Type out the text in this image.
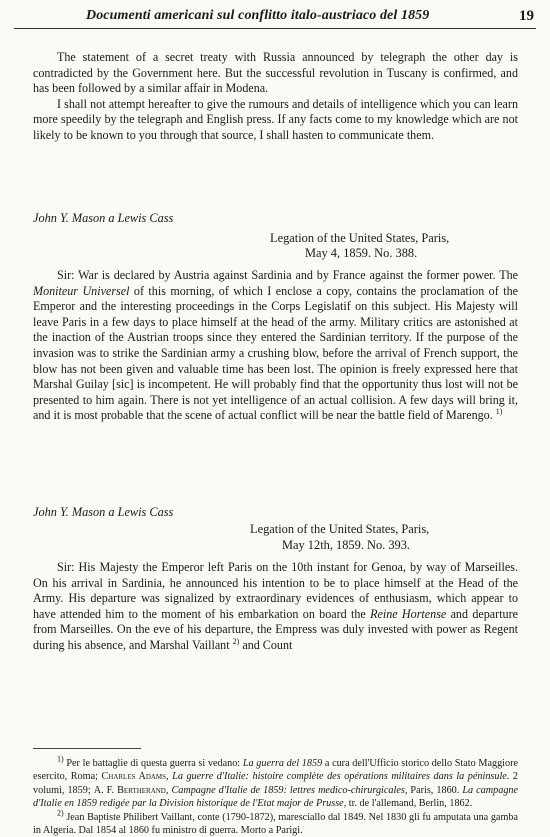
Documenti americani sul conflitto italo-austriaco del 1859	19

The statement of a secret treaty with Russia announced by telegraph the other day is contradicted by the Government here. But the successful revolution in Tuscany is confirmed, and has been followed by a similar affair in Modena.

I shall not attempt hereafter to give the rumours and details of intelligence which you can learn more speedily by the telegraph and English press. If any facts come to my knowledge which are not likely to be known to you through that source, I shall hasten to communicate them.

John Y. Mason a Lewis Cass
Legation of the United States, Paris,
May 4, 1859. No. 388.

Sir: War is declared by Austria against Sardinia and by France against the former power. The Moniteur Universel of this morning, of which I enclose a copy, contains the proclamation of the Emperor and the interesting proceedings in the Corps Legislatif on this subject. His Majesty will leave Paris in a few days to place himself at the head of the army. Military critics are astonished at the inaction of the Austrian troops since they entered the Sardinian territory. If the purpose of the invasion was to strike the Sardinian army a crushing blow, before the arrival of French support, the blow has not been given and valuable time has been lost. The opinion is freely expressed here that Marshal Guilay [sic] is incompetent. He will probably find that the opportunity thus lost will not be presented to him again. There is not yet intelligence of an actual collision. A few days will bring it, and it is most probable that the scene of actual conflict will be near the battle field of Marengo. $^{1)}$

John Y. Mason a Lewis Cass
Legation of the United States, Paris,
May 12th, 1859. No. 393.

Sir: His Majesty the Emperor left Paris on the 10th instant for Genoa, by way of Marseilles. On his arrival in Sardinia, he announced his intention to be to place himself at the Head of the Army. His departure was signalized by extraordinary evidences of enthusiasm, which appear to have attended him to the moment of his embarkation on board the Reine Hortense and departure from Marseilles. On the eve of his departure, the Empress was duly invested with power as Regent during his absence, and Marshal Vaillant $^{2)}$ and Count

$^{1)}$ Per le battaglie di questa guerra si vedano: La guerra del 1859 a cura dell'Ufficio storico dello Stato Maggiore esercito, Roma; Charles Adams, La guerre d'Italie: histoire complète des opérations militaires dans la péninsule. 2 volumi, 1859; A. F. Bertherand, Campagne d'Italie de 1859: lettres medico-chirurgicales, Paris, 1860. La campagne d'Italie en 1859 redigée par la Division historique de l'Etat major de Prusse, tr. de l'allemand, Berlin, 1862.

$^{2)}$ Jean Baptiste Philibert Vaillant, conte (1790-1872), maresciallo dal 1849. Nel 1830 gli fu amputata una gamba in Algeria. Dal 1854 al 1860 fu ministro di guerra. Morto a Parigi.
